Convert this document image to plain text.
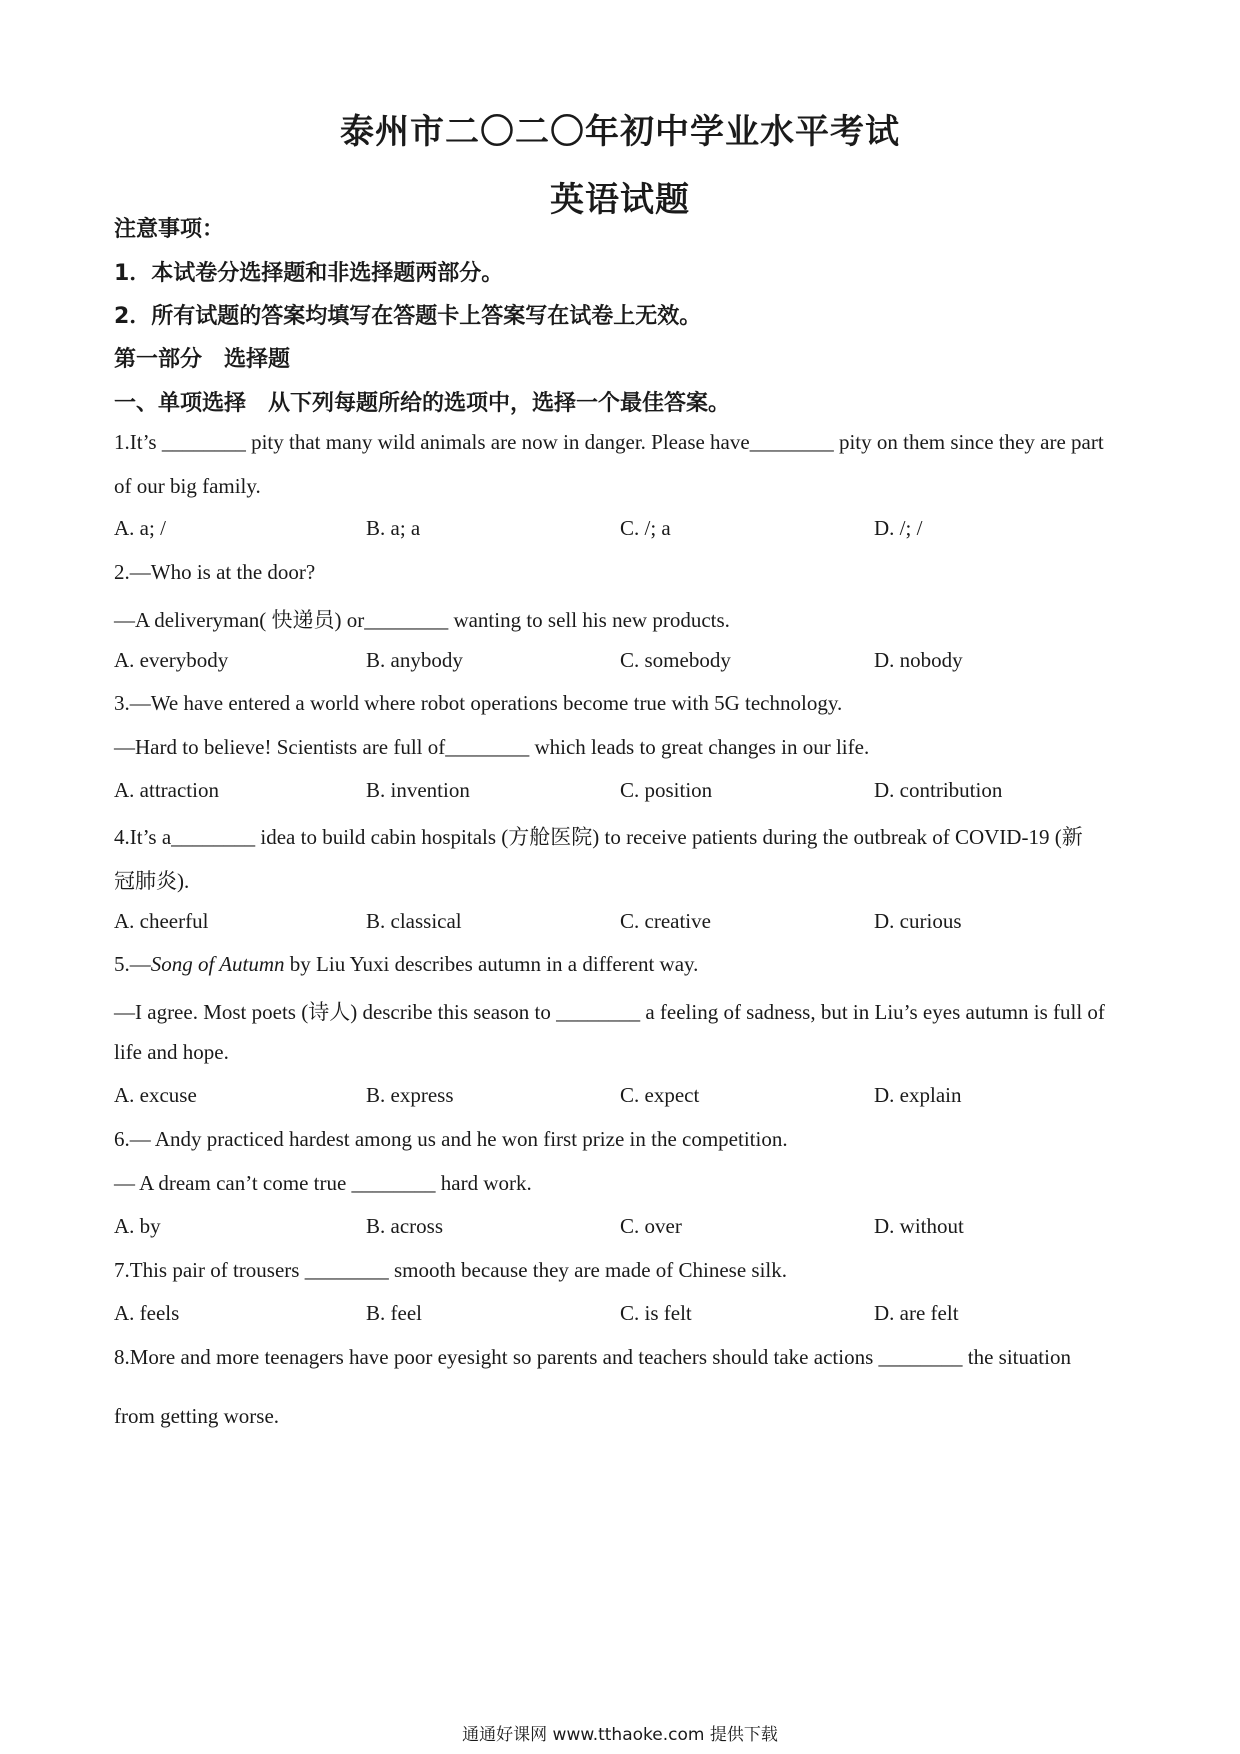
泰州市二〇二〇年初中学业水平考试
英语试题
注意事项：
1．本试卷分选择题和非选择题两部分。
2．所有试题的答案均填写在答题卡上答案写在试卷上无效。
第一部分　选择题
一、单项选择　从下列每题所给的选项中，选择一个最佳答案。
1.It’s ________ pity that many wild animals are now in danger. Please have________ pity on them since they are part
of our big family.
A. a; /	B. a; a	C. /; a	D. /; /
2.—Who is at the door?
—A deliveryman( 快递员) or________ wanting to sell his new products.
A. everybody	B. anybody	C. somebody	D. nobody
3.—We have entered a world where robot operations become true with 5G technology.
—Hard to believe! Scientists are full of________ which leads to great changes in our life.
A. attraction	B. invention	C. position	D. contribution
4.It’s a________ idea to build cabin hospitals (方舱医院) to receive patients during the outbreak of COVID-19 (新
冠肺炎).
A. cheerful	B. classical	C. creative	D. curious
5.—Song of Autumn by Liu Yuxi describes autumn in a different way.
—I agree. Most poets (诗人) describe this season to ________ a feeling of sadness, but in Liu’s eyes autumn is full of
life and hope.
A. excuse	B. express	C. expect	D. explain
6.— Andy practiced hardest among us and he won first prize in the competition.
— A dream can’t come true ________ hard work.
A. by	B. across	C. over	D. without
7.This pair of trousers ________ smooth because they are made of Chinese silk.
A. feels	B. feel	C. is felt	D. are felt
8.More and more teenagers have poor eyesight so parents and teachers should take actions ________ the situation
from getting worse.
通通好课网 www.tthaoke.com 提供下载
